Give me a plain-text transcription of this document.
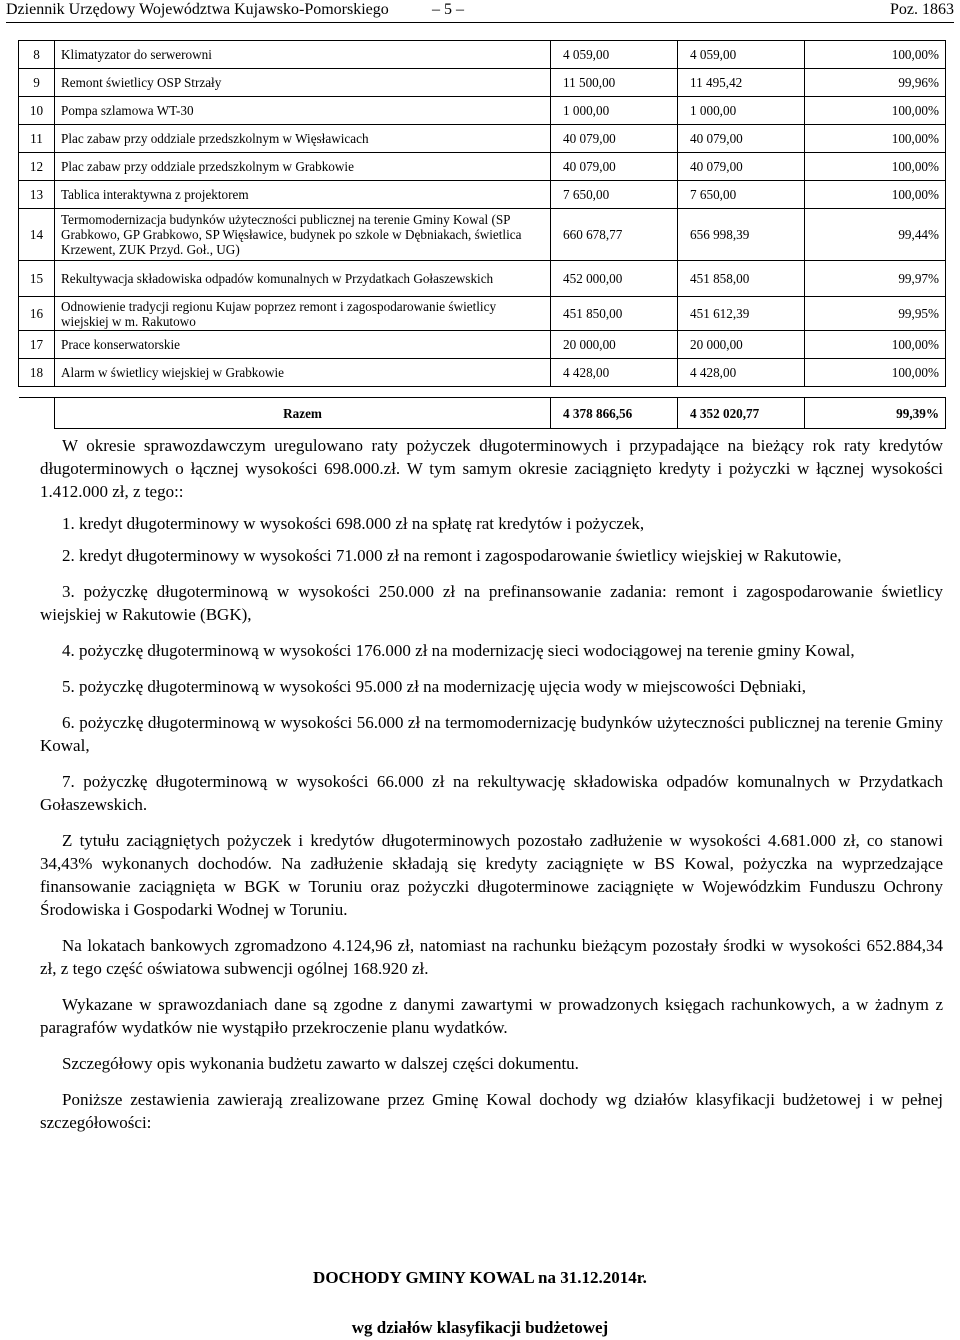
Dziennik Urzędowy Województwa Kujawsko-Pomorskiego	– 5 –	Poz. 1863
8	Klimatyzator do serwerowni	4 059,00	4 059,00	100,00%
9	Remont świetlicy OSP Strzały	11 500,00	11 495,42	99,96%
10	Pompa szlamowa WT-30	1 000,00	1 000,00	100,00%
11	Plac zabaw przy oddziale przedszkolnym w Więsławicach	40 079,00	40 079,00	100,00%
12	Plac zabaw przy oddziale przedszkolnym w Grabkowie	40 079,00	40 079,00	100,00%
13	Tablica interaktywna z projektorem	7 650,00	7 650,00	100,00%
14	Termomodernizacja budynków użyteczności publicznej na terenie Gminy Kowal (SP Grabkowo, GP Grabkowo, SP Więsławice, budynek po szkole w Dębniakach, świetlica Krzewent, ZUK Przyd. Goł., UG)	660 678,77	656 998,39	99,44%
15	Rekultywacja składowiska odpadów komunalnych w Przydatkach Gołaszewskich	452 000,00	451 858,00	99,97%
16	Odnowienie tradycji regionu Kujaw poprzez remont i zagospodarowanie świetlicy wiejskiej w m. Rakutowo	451 850,00	451 612,39	99,95%
17	Prace konserwatorskie	20 000,00	20 000,00	100,00%
18	Alarm w świetlicy wiejskiej w Grabkowie	4 428,00	4 428,00	100,00%

	Razem	4 378 866,56	4 352 020,77	99,39%

W okresie sprawozdawczym uregulowano raty pożyczek długoterminowych i przypadające na bieżący rok raty kredytów długoterminowych o łącznej wysokości 698.000.zł. W tym samym okresie zaciągnięto kredyty i pożyczki w łącznej wysokości 1.412.000 zł, z tego::

1. kredyt długoterminowy w wysokości 698.000 zł na spłatę rat kredytów i pożyczek,

2. kredyt długoterminowy w wysokości 71.000 zł na remont i zagospodarowanie świetlicy wiejskiej w Rakutowie,

3. pożyczkę długoterminową w wysokości 250.000 zł na prefinansowanie zadania: remont i zagospodarowanie świetlicy wiejskiej w Rakutowie (BGK),

4. pożyczkę długoterminową w wysokości 176.000 zł na modernizację sieci wodociągowej na terenie gminy Kowal,

5. pożyczkę długoterminową w wysokości 95.000 zł na modernizację ujęcia wody w miejscowości Dębniaki,

6. pożyczkę długoterminową w wysokości 56.000 zł na termomodernizację budynków użyteczności publicznej na terenie Gminy Kowal,

7. pożyczkę długoterminową w wysokości 66.000 zł na rekultywację składowiska odpadów komunalnych w Przydatkach Gołaszewskich.

Z tytułu zaciągniętych pożyczek i kredytów długoterminowych pozostało zadłużenie w wysokości 4.681.000 zł, co stanowi 34,43% wykonanych dochodów. Na zadłużenie składają się kredyty zaciągnięte w BS Kowal, pożyczka na wyprzedzające finansowanie zaciągnięta w BGK w Toruniu oraz pożyczki długoterminowe zaciągnięte w Wojewódzkim Funduszu Ochrony Środowiska i Gospodarki Wodnej w Toruniu.

Na lokatach bankowych zgromadzono 4.124,96 zł, natomiast na rachunku bieżącym pozostały środki w wysokości 652.884,34 zł, z tego część oświatowa subwencji ogólnej 168.920 zł.

Wykazane w sprawozdaniach dane są zgodne z danymi zawartymi w prowadzonych księgach rachunkowych, a w żadnym z paragrafów wydatków nie wystąpiło przekroczenie planu wydatków.

Szczegółowy opis wykonania budżetu zawarto w dalszej części dokumentu.

Poniższe zestawienia zawierają zrealizowane przez Gminę Kowal dochody wg działów klasyfikacji budżetowej i w pełnej szczegółowości:

DOCHODY GMINY KOWAL na 31.12.2014r.
wg działów klasyfikacji budżetowej
